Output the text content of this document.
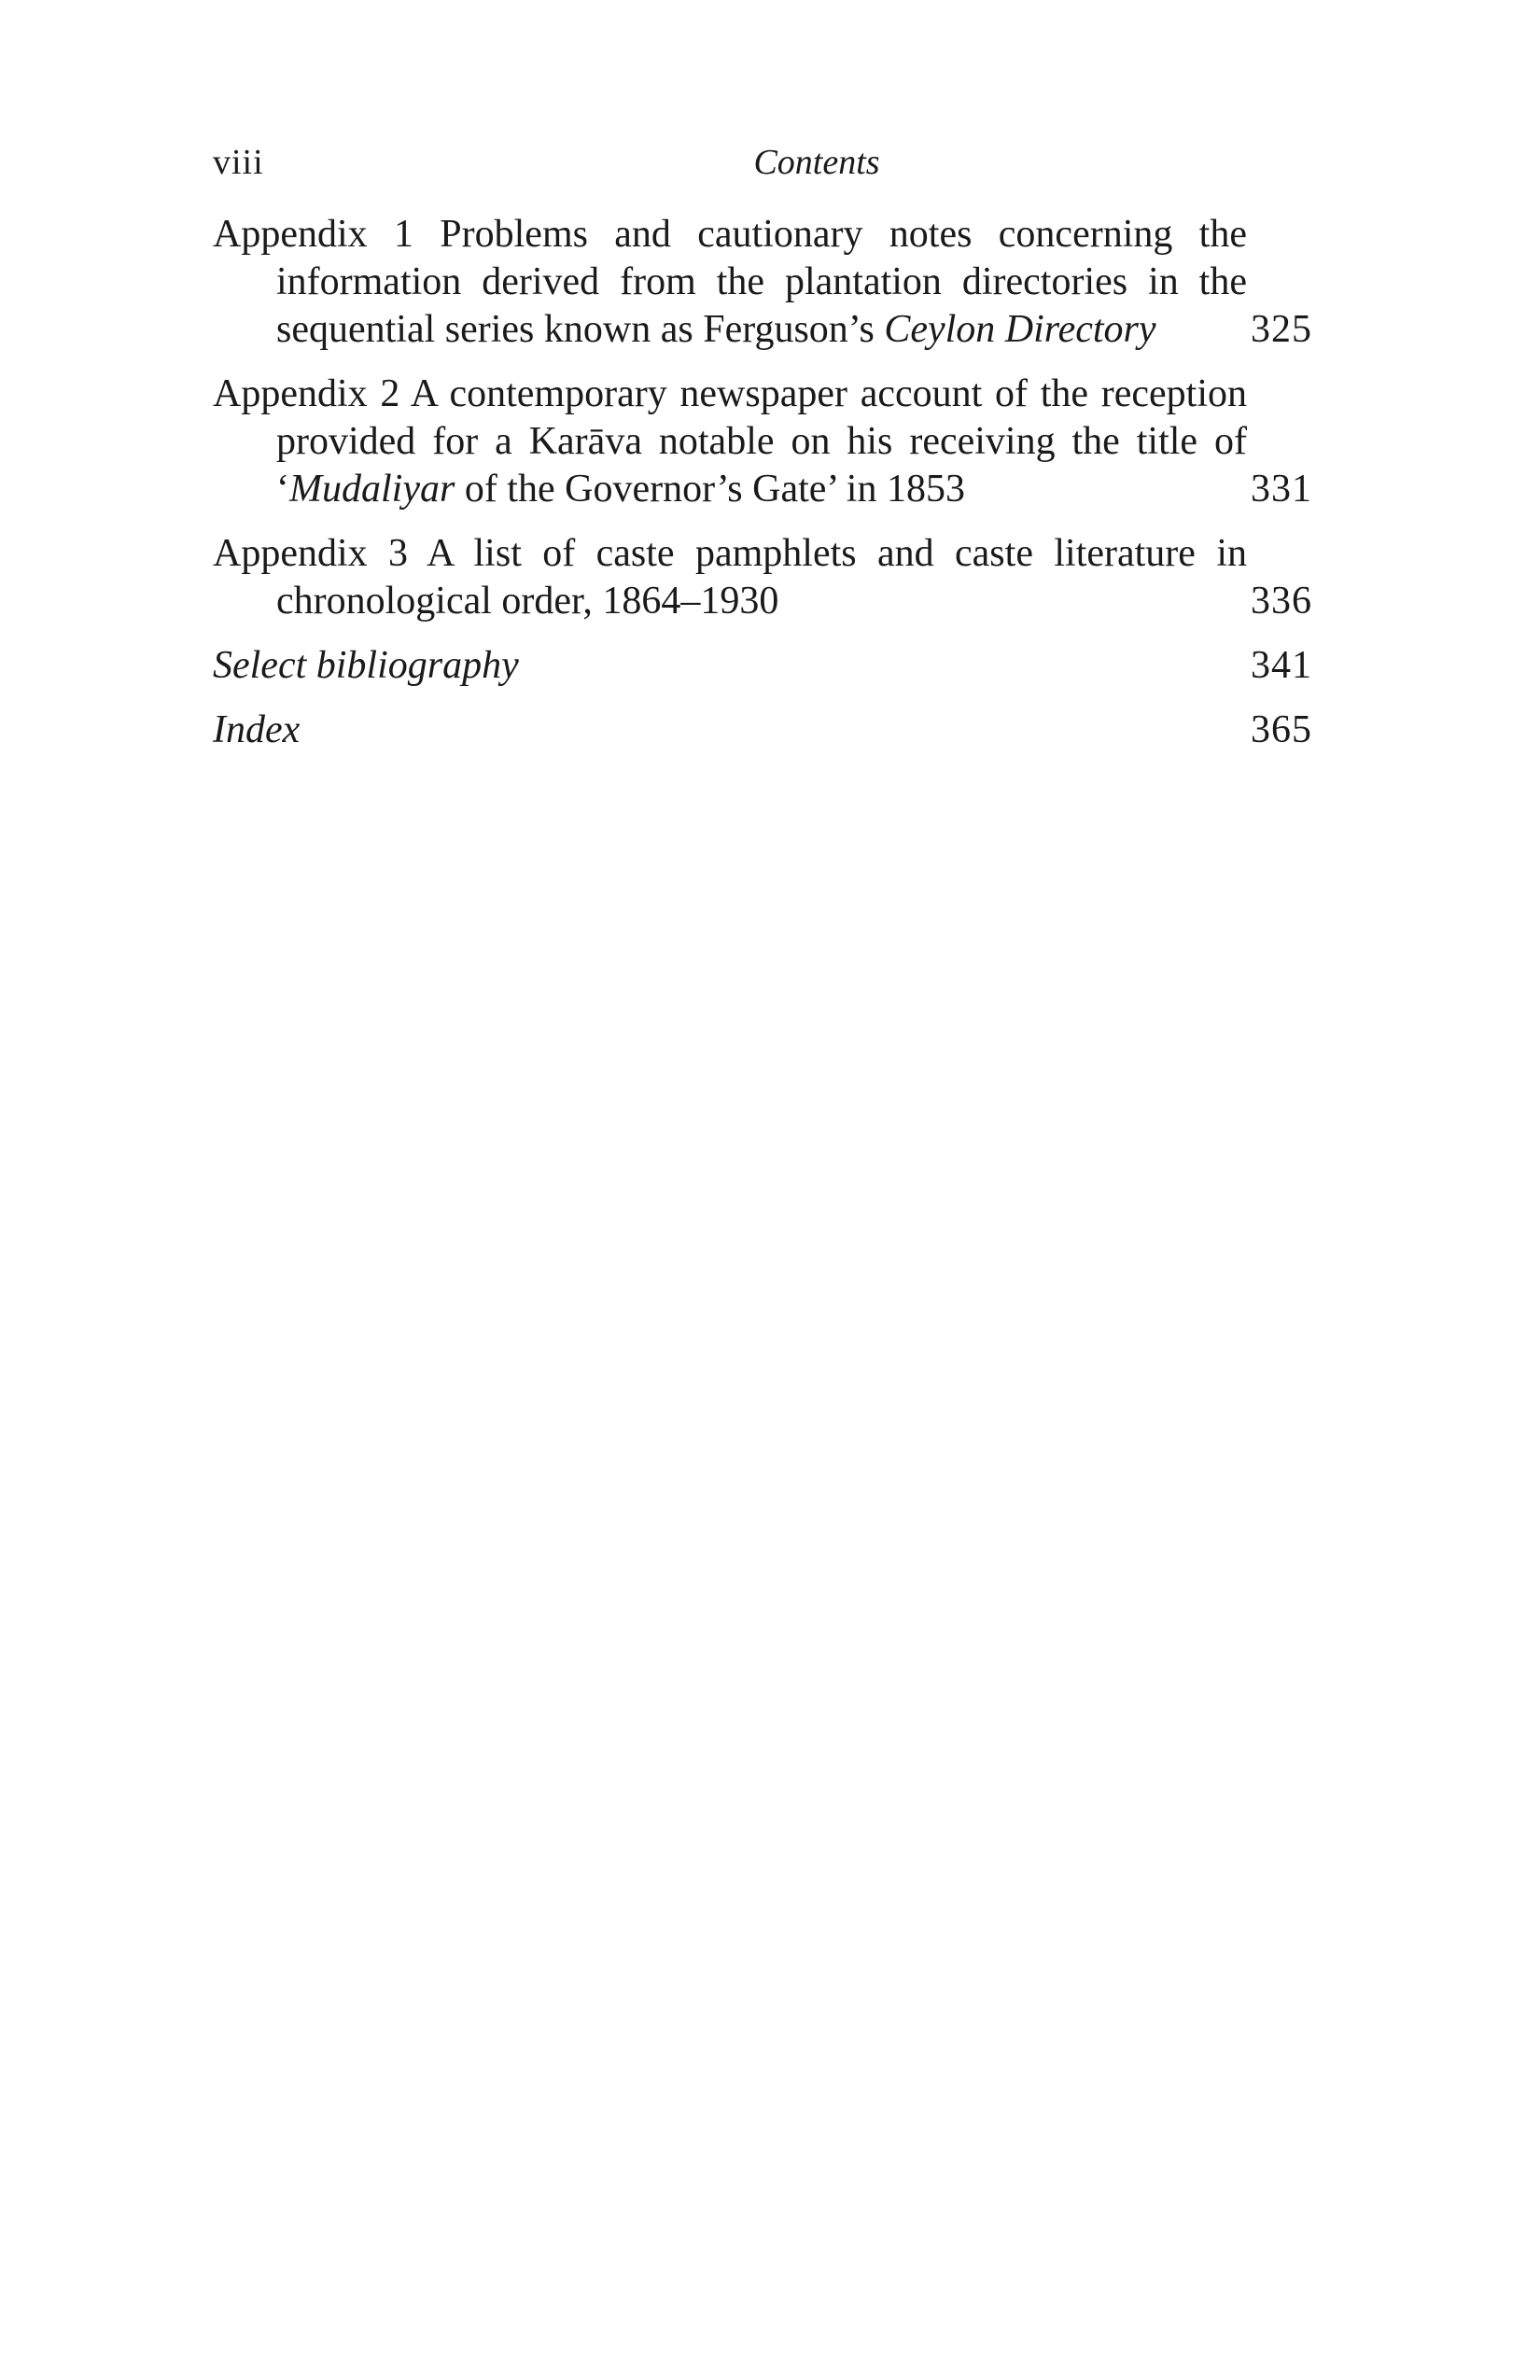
viii	Contents
Appendix 1 Problems and cautionary notes concerning the information derived from the plantation directories in the sequential series known as Ferguson’s Ceylon Directory	325
Appendix 2 A contemporary newspaper account of the reception provided for a Karāva notable on his receiving the title of ‘Mudaliyar of the Governor’s Gate’ in 1853	331
Appendix 3 A list of caste pamphlets and caste literature in chronological order, 1864–1930	336
Select bibliography	341
Index	365
